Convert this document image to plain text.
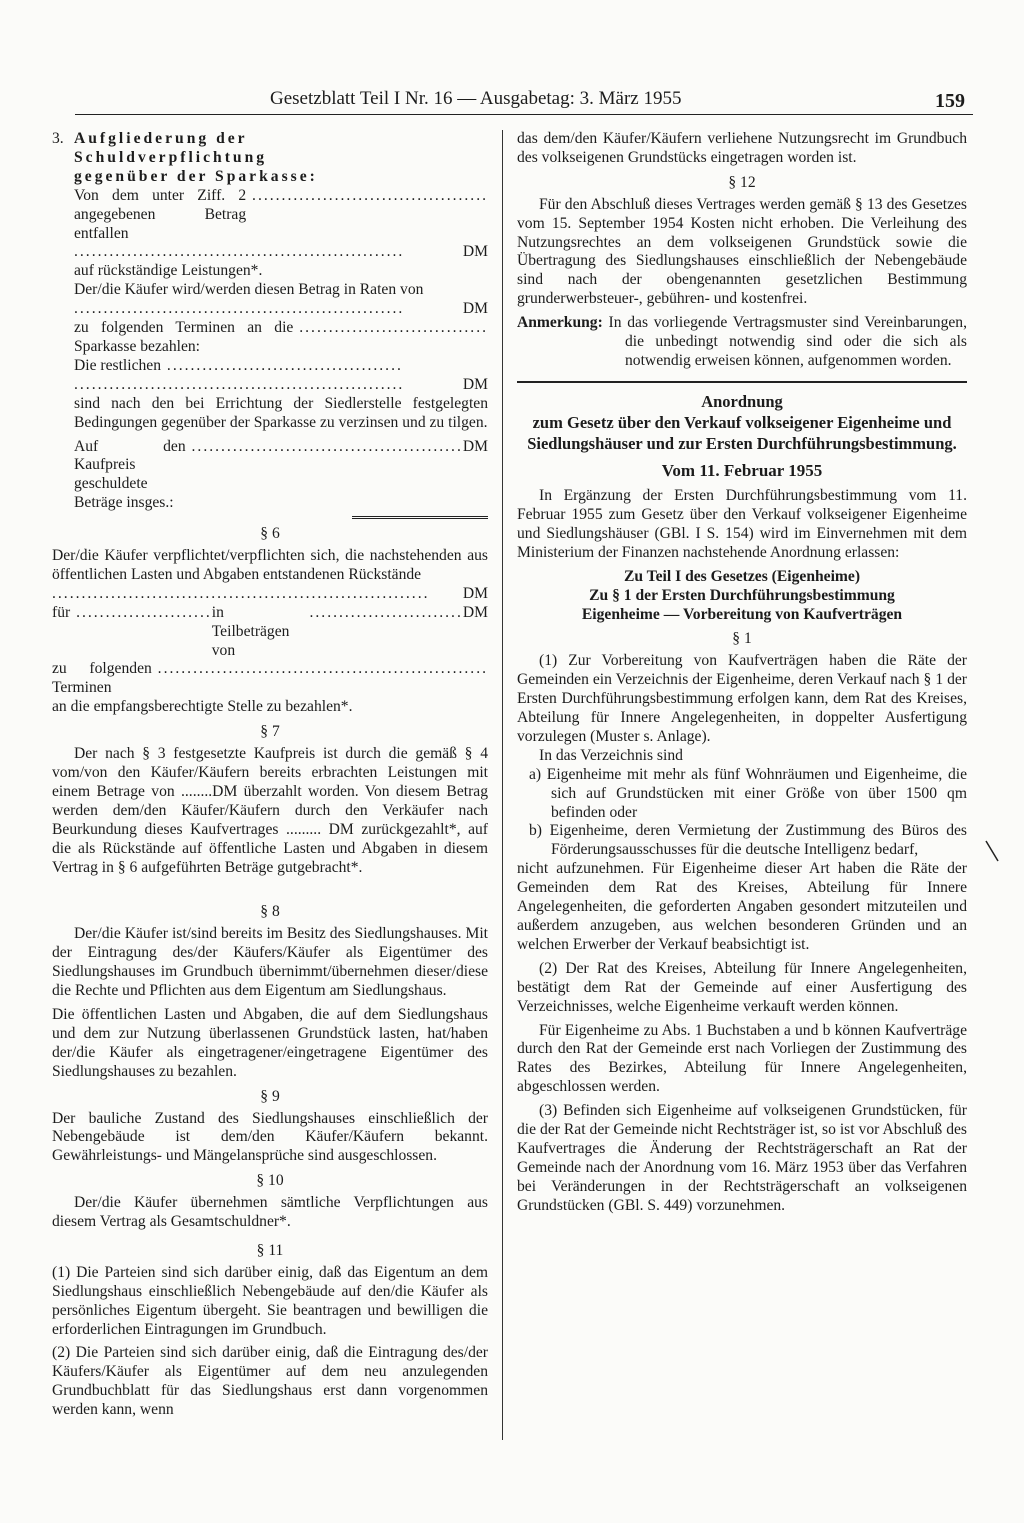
Gesetzblatt Teil I Nr. 16 — Ausgabetag: 3. März 1955	159
3. Aufgliederung der
Schuldverpflichtung
gegenüber der Sparkasse:
Von dem unter Ziff. 2 angegebenen Betrag entfallen
........................................
........................................................	DM

auf rückständige Leistungen*.

Der/die Käufer wird/werden diesen Betrag in Raten von

........................................................	DM
zu folgenden Terminen an die Sparkasse bezahlen:
................................
Die restlichen ........................................
........................................................	DM

sind nach den bei Errichtung der Siedlerstelle festgelegten Bedingungen gegenüber der Sparkasse zu verzinsen und zu tilgen.

Auf den Kaufpreis geschuldete Beträge insges.:
.............................................. DM

§ 6

Der/die Käufer verpflichtet/verpflichten sich, die nachstehenden aus öffentlichen Lasten und Abgaben entstandenen Rückstände
................................................................	DM
für ....................... in Teilbeträgen von
.......................... DM
zu folgenden Terminen
........................................................

an die empfangsberechtigte Stelle zu bezahlen*.

§ 7

Der nach § 3 festgesetzte Kaufpreis ist durch die gemäß § 4 vom/von den Käufer/Käufern bereits erbrachten Leistungen mit einem Betrage von ........DM überzahlt worden. Von diesem Betrag werden dem/den Käufer/Käufern durch den Verkäufer nach Beurkundung dieses Kaufvertrages ......... DM zurückgezahlt*, auf die als Rückstände auf öffentliche Lasten und Abgaben in diesem Vertrag in § 6 aufgeführten Beträge gutgebracht*.

§ 8

Der/die Käufer ist/sind bereits im Besitz des Siedlungshauses. Mit der Eintragung des/der Käufers/Käufer als Eigentümer des Siedlungshauses im Grundbuch übernimmt/übernehmen dieser/diese die Rechte und Pflichten aus dem Eigentum am Siedlungshaus.

Die öffentlichen Lasten und Abgaben, die auf dem Siedlungshaus und dem zur Nutzung überlassenen Grundstück lasten, hat/haben der/die Käufer als eingetragener/eingetragene Eigentümer des Siedlungshauses zu bezahlen.

§ 9

Der bauliche Zustand des Siedlungshauses einschließlich der Nebengebäude ist dem/den Käufer/Käufern bekannt. Gewährleistungs- und Mängelansprüche sind ausgeschlossen.

§ 10

Der/die Käufer übernehmen sämtliche Verpflichtungen aus diesem Vertrag als Gesamtschuldner*.

§ 11

(1) Die Parteien sind sich darüber einig, daß das Eigentum an dem Siedlungshaus einschließlich Nebengebäude auf den/die Käufer als persönliches Eigentum übergeht. Sie beantragen und bewilligen die erforderlichen Eintragungen im Grundbuch.

(2) Die Parteien sind sich darüber einig, daß die Eintragung des/der Käufers/Käufer als Eigentümer auf dem neu anzulegenden Grundbuchblatt für das Siedlungshaus erst dann vorgenommen werden kann, wenn

das dem/den Käufer/Käufern verliehene Nutzungsrecht im Grundbuch des volkseigenen Grundstücks eingetragen worden ist.

§ 12

Für den Abschluß dieses Vertrages werden gemäß § 13 des Gesetzes vom 15. September 1954 Kosten nicht erhoben. Die Verleihung des Nutzungsrechtes an dem volkseigenen Grundstück sowie die Übertragung des Siedlungshauses einschließlich der Nebengebäude sind nach der obengenannten gesetzlichen Bestimmung grunderwerbsteuer-, gebühren- und kostenfrei.

Anmerkung: In das vorliegende Vertragsmuster sind Vereinbarungen, die unbedingt notwendig sind oder die sich als notwendig erweisen können, aufgenommen worden.

Anordnung
zum Gesetz über den Verkauf volkseigener Eigenheime und Siedlungshäuser und zur Ersten Durchführungsbestimmung.
Vom 11. Februar 1955

In Ergänzung der Ersten Durchführungsbestimmung vom 11. Februar 1955 zum Gesetz über den Verkauf volkseigener Eigenheime und Siedlungshäuser (GBl. I S. 154) wird im Einvernehmen mit dem Ministerium der Finanzen nachstehende Anordnung erlassen:

Zu Teil I des Gesetzes (Eigenheime)
Zu § 1 der Ersten Durchführungsbestimmung
Eigenheime — Vorbereitung von Kaufverträgen

§ 1

(1) Zur Vorbereitung von Kaufverträgen haben die Räte der Gemeinden ein Verzeichnis der Eigenheime, deren Verkauf nach § 1 der Ersten Durchführungsbestimmung erfolgen kann, dem Rat des Kreises, Abteilung für Innere Angelegenheiten, in doppelter Ausfertigung vorzulegen (Muster s. Anlage).

In das Verzeichnis sind

a) Eigenheime mit mehr als fünf Wohnräumen und Eigenheime, die sich auf Grundstücken mit einer Größe von über 1500 qm befinden oder

b) Eigenheime, deren Vermietung der Zustimmung des Büros des Förderungsausschusses für die deutsche Intelligenz bedarf,

nicht aufzunehmen. Für Eigenheime dieser Art haben die Räte der Gemeinden dem Rat des Kreises, Abteilung für Innere Angelegenheiten, die geforderten Angaben gesondert mitzuteilen und außerdem anzugeben, aus welchen besonderen Gründen und an welchen Erwerber der Verkauf beabsichtigt ist.

(2) Der Rat des Kreises, Abteilung für Innere Angelegenheiten, bestätigt dem Rat der Gemeinde auf einer Ausfertigung des Verzeichnisses, welche Eigenheime verkauft werden können.

Für Eigenheime zu Abs. 1 Buchstaben a und b können Kaufverträge durch den Rat der Gemeinde erst nach Vorliegen der Zustimmung des Rates des Bezirkes, Abteilung für Innere Angelegenheiten, abgeschlossen werden.

(3) Befinden sich Eigenheime auf volkseigenen Grundstücken, für die der Rat der Gemeinde nicht Rechtsträger ist, so ist vor Abschluß des Kaufvertrages die Änderung der Rechtsträgerschaft an Rat der Gemeinde nach der Anordnung vom 16. März 1953 über das Verfahren bei Veränderungen in der Rechtsträgerschaft an volkseigenen Grundstücken (GBl. S. 449) vorzunehmen.
